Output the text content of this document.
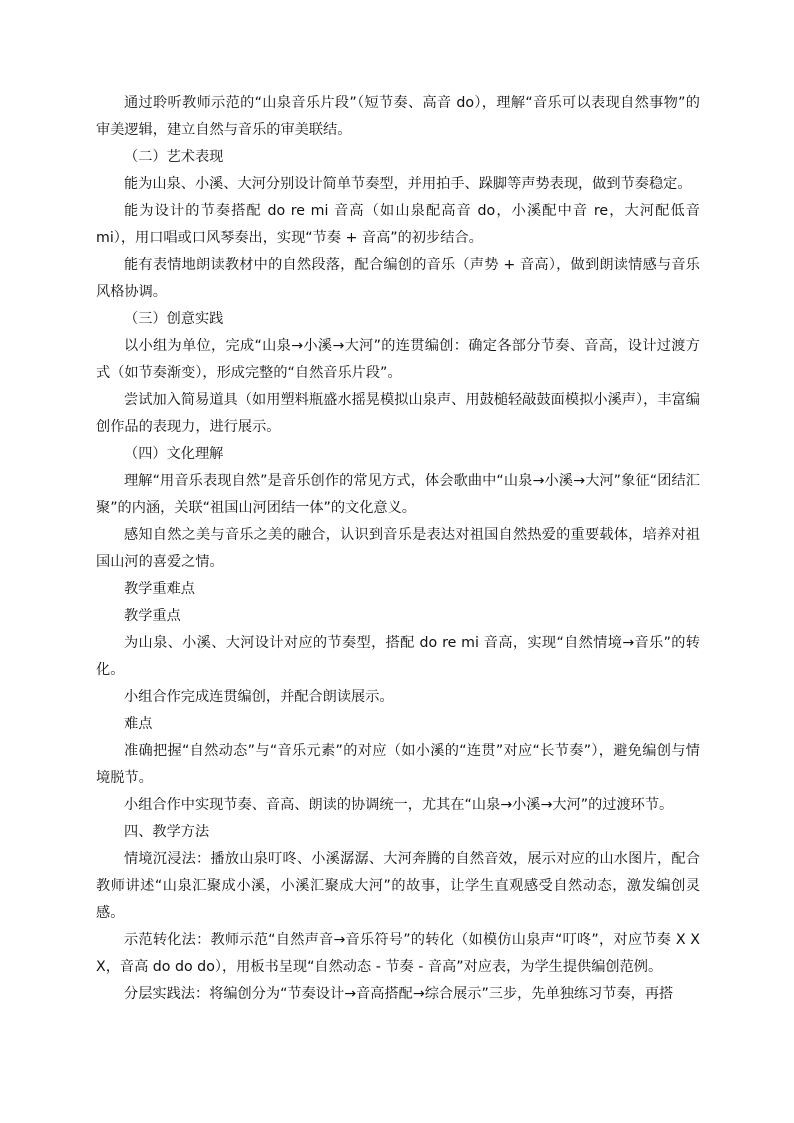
通过聆听教师示范的“山泉音乐片段”（短节奏、高音 do），理解“音乐可以表现自然事物”的审美逻辑，建立自然与音乐的审美联结。

（二）艺术表现

能为山泉、小溪、大河分别设计简单节奏型，并用拍手、跺脚等声势表现，做到节奏稳定。

能为设计的节奏搭配 do re mi 音高（如山泉配高音 do，小溪配中音 re，大河配低音 mi），用口唱或口风琴奏出，实现“节奏 + 音高”的初步结合。

能有表情地朗读教材中的自然段落，配合编创的音乐（声势 + 音高），做到朗读情感与音乐风格协调。

（三）创意实践

以小组为单位，完成“山泉→小溪→大河”的连贯编创：确定各部分节奏、音高，设计过渡方式（如节奏渐变），形成完整的“自然音乐片段”。

尝试加入简易道具（如用塑料瓶盛水摇晃模拟山泉声、用鼓槌轻敲鼓面模拟小溪声），丰富编创作品的表现力，进行展示。

（四）文化理解

理解“用音乐表现自然”是音乐创作的常见方式，体会歌曲中“山泉→小溪→大河”象征“团结汇聚”的内涵，关联“祖国山河团结一体”的文化意义。

感知自然之美与音乐之美的融合，认识到音乐是表达对祖国自然热爱的重要载体，培养对祖国山河的喜爱之情。

教学重难点

教学重点

为山泉、小溪、大河设计对应的节奏型，搭配 do re mi 音高，实现“自然情境→音乐”的转化。

小组合作完成连贯编创，并配合朗读展示。

难点

准确把握“自然动态”与“音乐元素”的对应（如小溪的“连贯”对应“长节奏”），避免编创与情境脱节。

小组合作中实现节奏、音高、朗读的协调统一，尤其在“山泉→小溪→大河”的过渡环节。

四、教学方法

情境沉浸法：播放山泉叮咚、小溪潺潺、大河奔腾的自然音效，展示对应的山水图片，配合教师讲述“山泉汇聚成小溪，小溪汇聚成大河”的故事，让学生直观感受自然动态，激发编创灵感。

示范转化法：教师示范“自然声音→音乐符号”的转化（如模仿山泉声“叮咚”，对应节奏 X X X，音高 do do do），用板书呈现“自然动态 - 节奏 - 音高”对应表，为学生提供编创范例。

分层实践法：将编创分为“节奏设计→音高搭配→综合展示”三步，先单独练习节奏，再搭
